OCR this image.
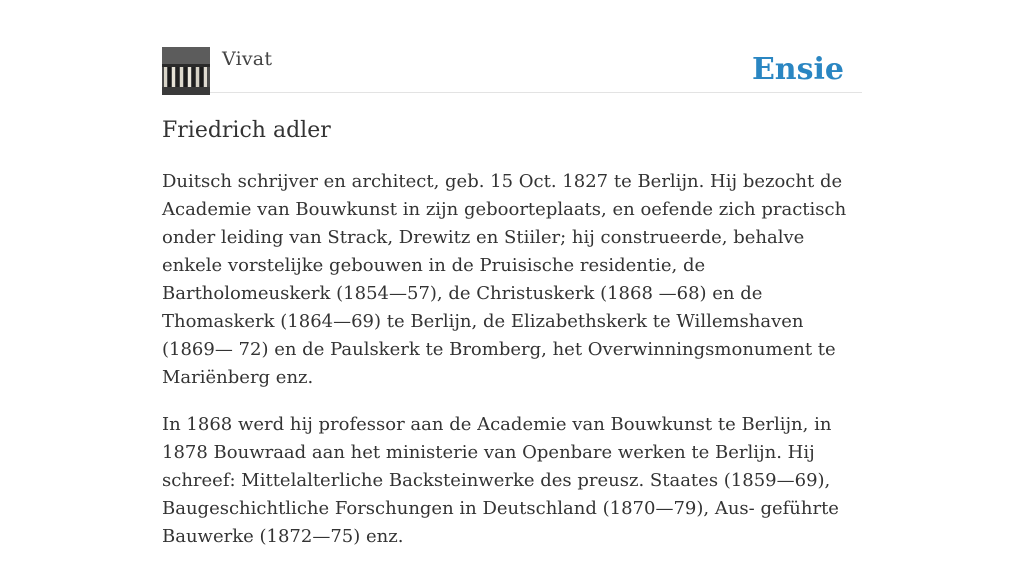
Vivat	Ensie
Friedrich adler

Duitsch schrijver en architect, geb. 15 Oct. 1827 te Berlijn. Hij bezocht de Academie van Bouwkunst in zijn geboorteplaats, en oefende zich practisch onder leiding van Strack, Drewitz en Stiiler; hij construeerde, behalve enkele vorstelijke gebouwen in de Pruisische residentie, de Bartholomeuskerk (1854—57), de Christuskerk (1868 —68) en de Thomaskerk (1864—69) te Berlijn, de Elizabethskerk te Willemshaven (1869— 72) en de Paulskerk te Bromberg, het Overwinningsmonument te Mariënberg enz.

In 1868 werd hij professor aan de Academie van Bouwkunst te Berlijn, in 1878 Bouwraad aan het ministerie van Openbare werken te Berlijn. Hij schreef: Mittelalterliche Backsteinwerke des preusz. Staates (1859—69), Baugeschichtliche Forschungen in Deutschland (1870—79), Aus- geführte Bauwerke (1872—75) enz.
